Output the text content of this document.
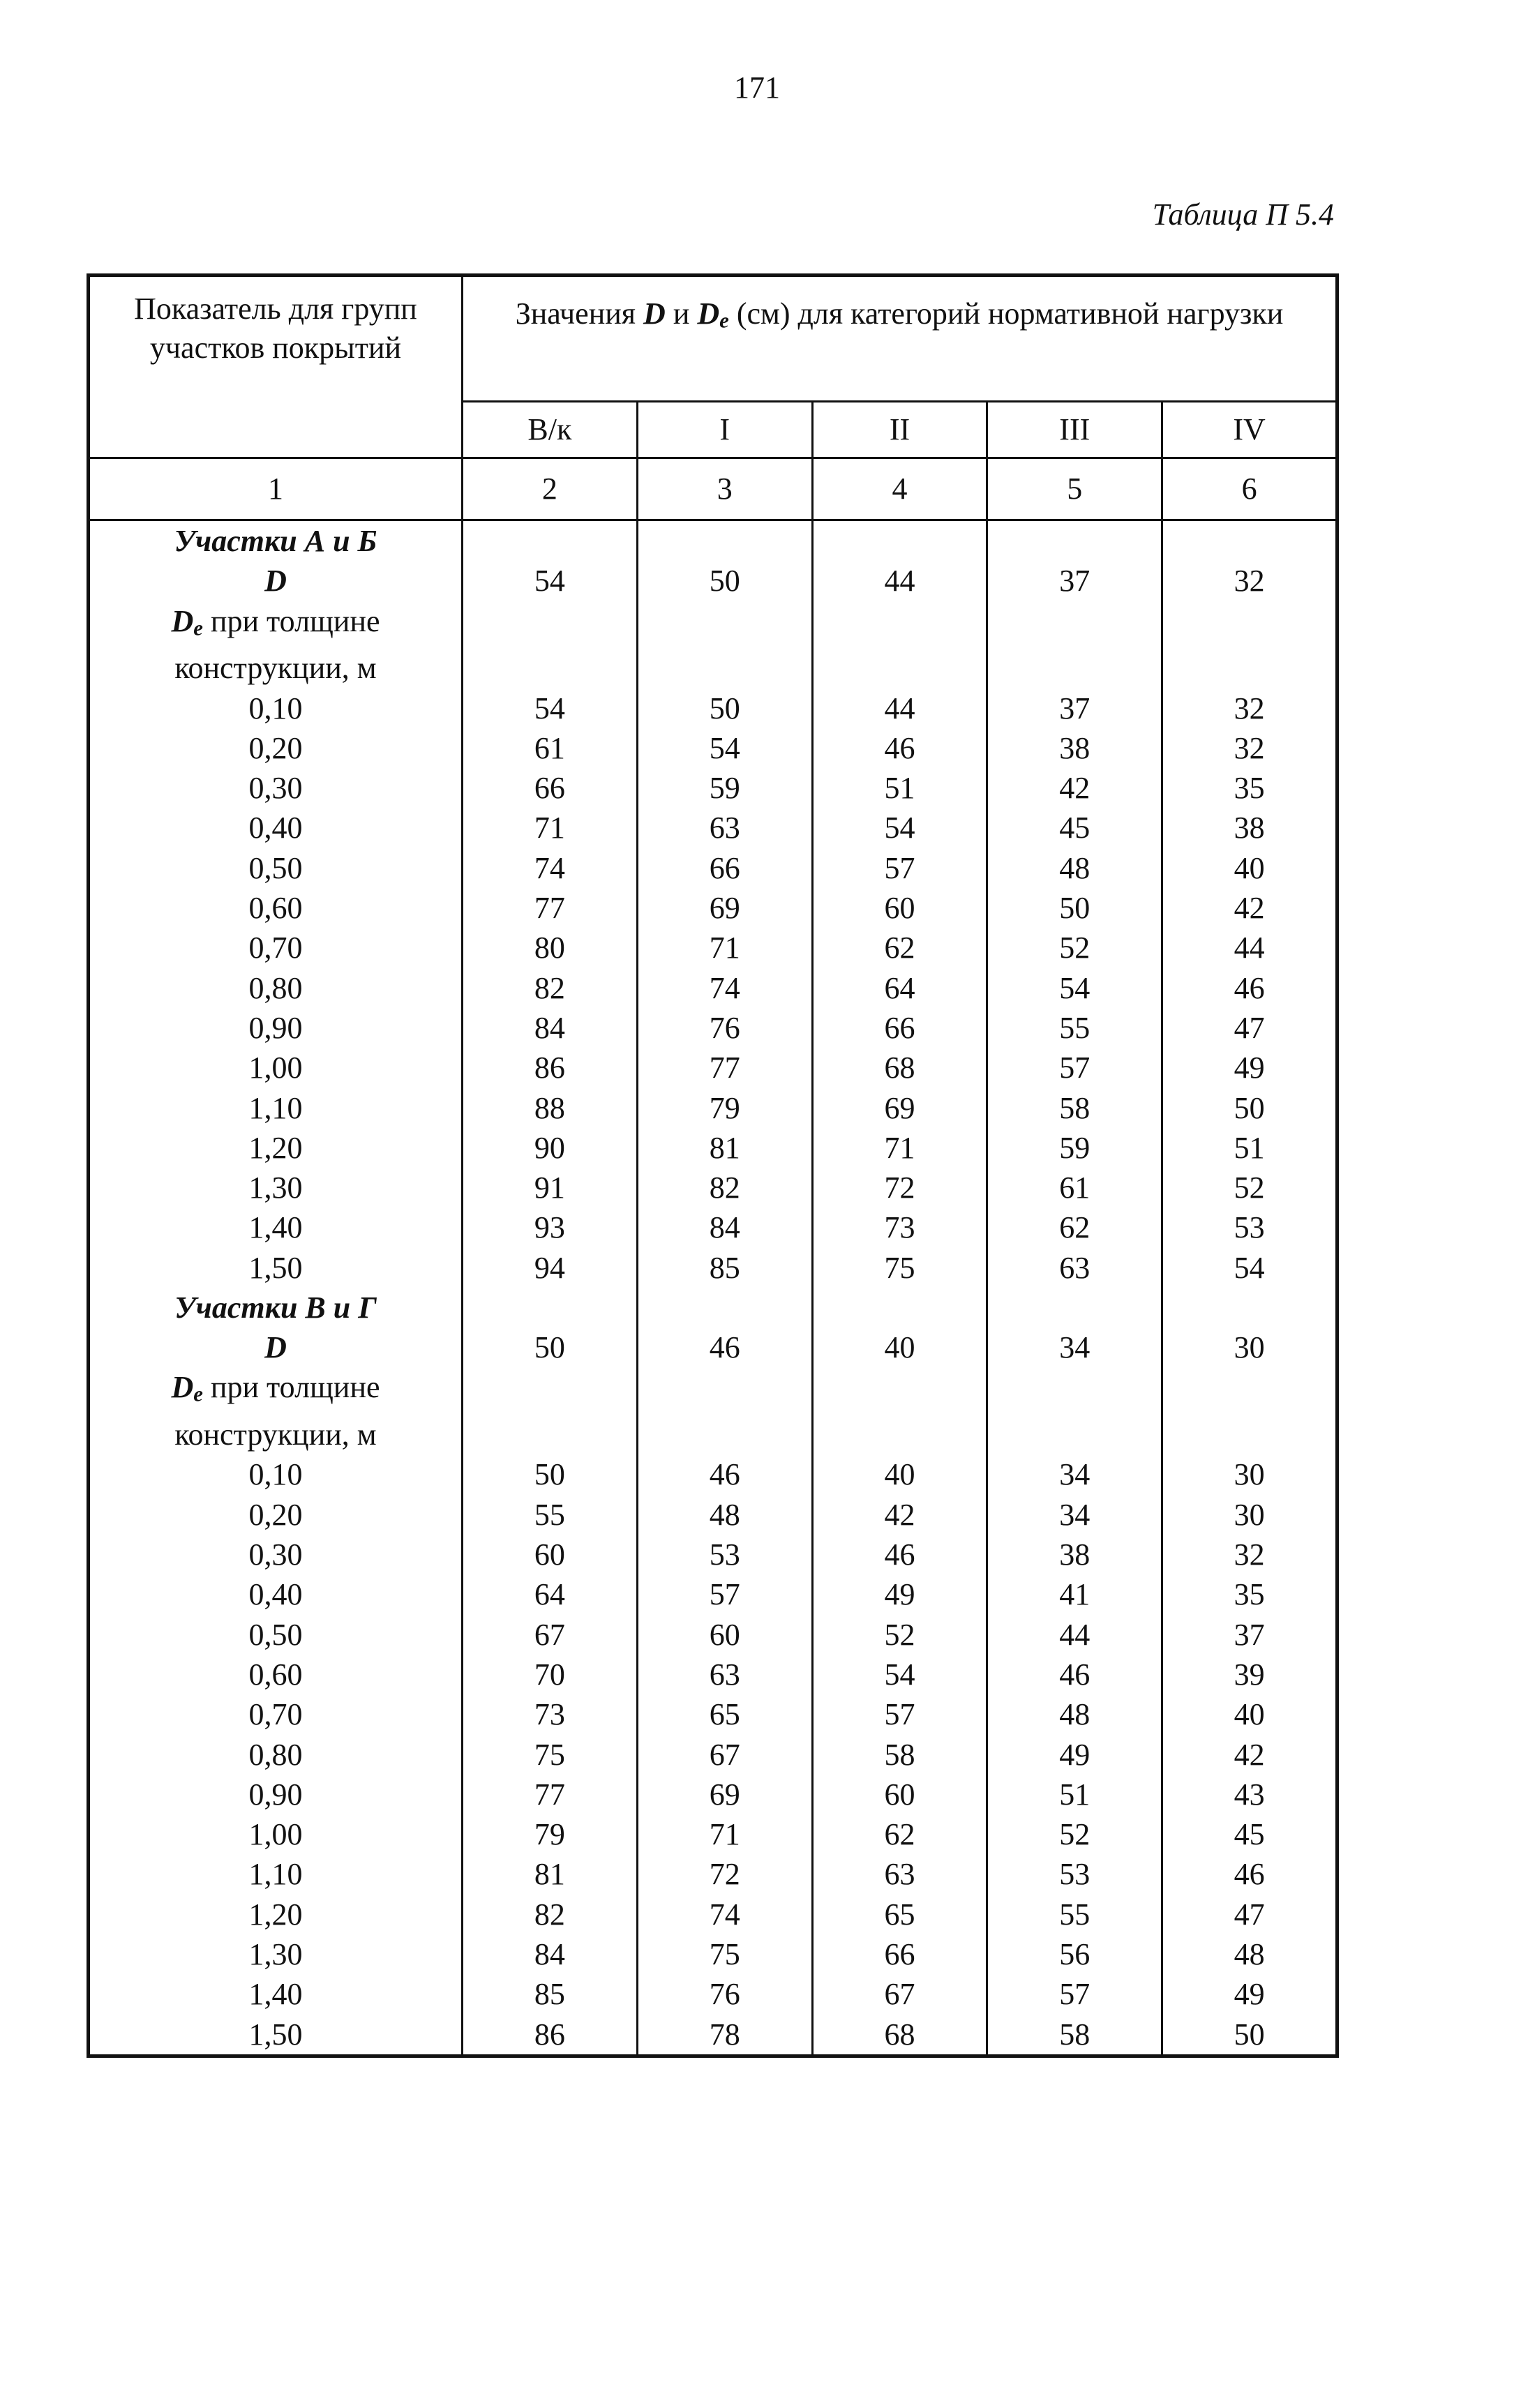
171
Таблица П 5.4
Показатель для групп участков покрытий	Значения D и De (см) для категорий нормативной нагрузки				
	В/к	I	II	III	IV
1	2	3	4	5	6
Участки А и Б					
D	54	50	44	37	32
De при толщине					
конструкции, м					
0,10	54	50	44	37	32
0,20	61	54	46	38	32
0,30	66	59	51	42	35
0,40	71	63	54	45	38
0,50	74	66	57	48	40
0,60	77	69	60	50	42
0,70	80	71	62	52	44
0,80	82	74	64	54	46
0,90	84	76	66	55	47
1,00	86	77	68	57	49
1,10	88	79	69	58	50
1,20	90	81	71	59	51
1,30	91	82	72	61	52
1,40	93	84	73	62	53
1,50	94	85	75	63	54
Участки В и Г					
D	50	46	40	34	30
De при толщине					
конструкции, м					
0,10	50	46	40	34	30
0,20	55	48	42	34	30
0,30	60	53	46	38	32
0,40	64	57	49	41	35
0,50	67	60	52	44	37
0,60	70	63	54	46	39
0,70	73	65	57	48	40
0,80	75	67	58	49	42
0,90	77	69	60	51	43
1,00	79	71	62	52	45
1,10	81	72	63	53	46
1,20	82	74	65	55	47
1,30	84	75	66	56	48
1,40	85	76	67	57	49
1,50	86	78	68	58	50
